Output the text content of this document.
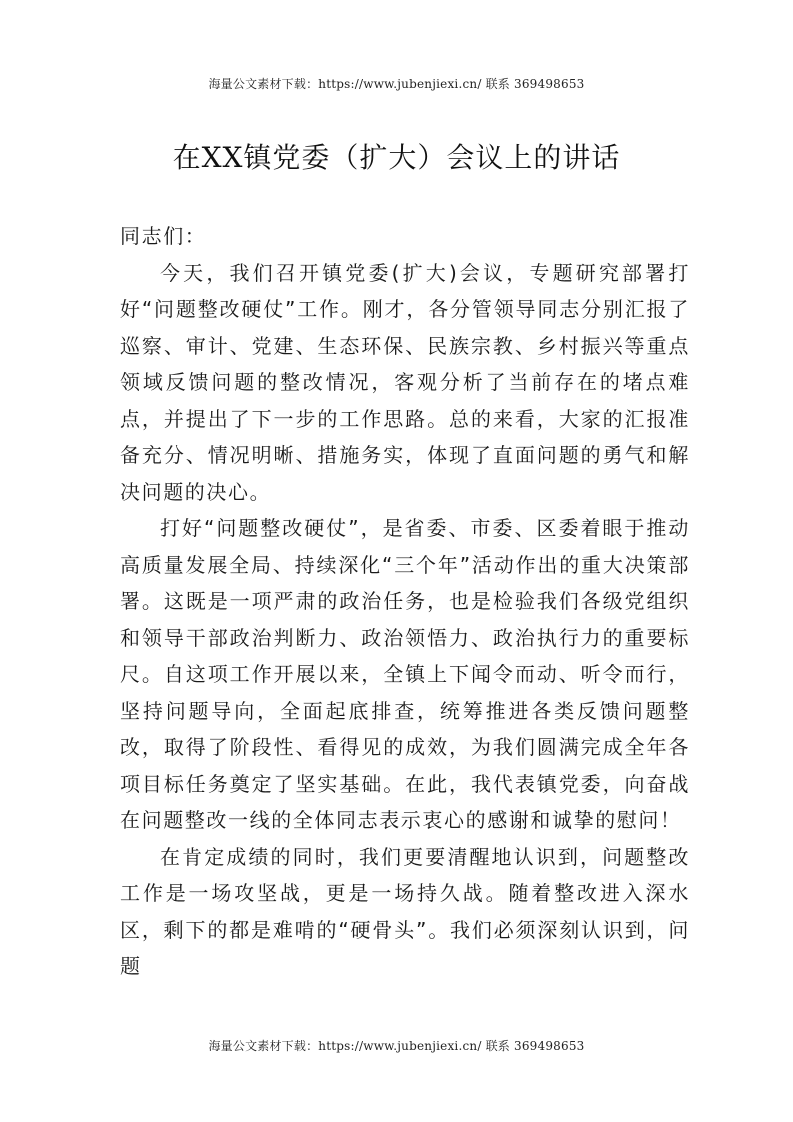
海量公文素材下载：https://www.jubenjiexi.cn/ 联系 369498653
在XX镇党委（扩大）会议上的讲话

同志们：

今天，我们召开镇党委(扩大)会议，专题研究部署打好“问题整改硬仗”工作。刚才，各分管领导同志分别汇报了巡察、审计、党建、生态环保、民族宗教、乡村振兴等重点领域反馈问题的整改情况，客观分析了当前存在的堵点难点，并提出了下一步的工作思路。总的来看，大家的汇报准备充分、情况明晰、措施务实，体现了直面问题的勇气和解决问题的决心。

打好“问题整改硬仗”，是省委、市委、区委着眼于推动高质量发展全局、持续深化“三个年”活动作出的重大决策部署。这既是一项严肃的政治任务，也是检验我们各级党组织和领导干部政治判断力、政治领悟力、政治执行力的重要标尺。自这项工作开展以来，全镇上下闻令而动、听令而行，坚持问题导向，全面起底排查，统筹推进各类反馈问题整改，取得了阶段性、看得见的成效，为我们圆满完成全年各项目标任务奠定了坚实基础。在此，我代表镇党委，向奋战在问题整改一线的全体同志表示衷心的感谢和诚挚的慰问！

在肯定成绩的同时，我们更要清醒地认识到，问题整改工作是一场攻坚战，更是一场持久战。随着整改进入深水区，剩下的都是难啃的“硬骨头”。我们必须深刻认识到，问题

海量公文素材下载：https://www.jubenjiexi.cn/ 联系 369498653
